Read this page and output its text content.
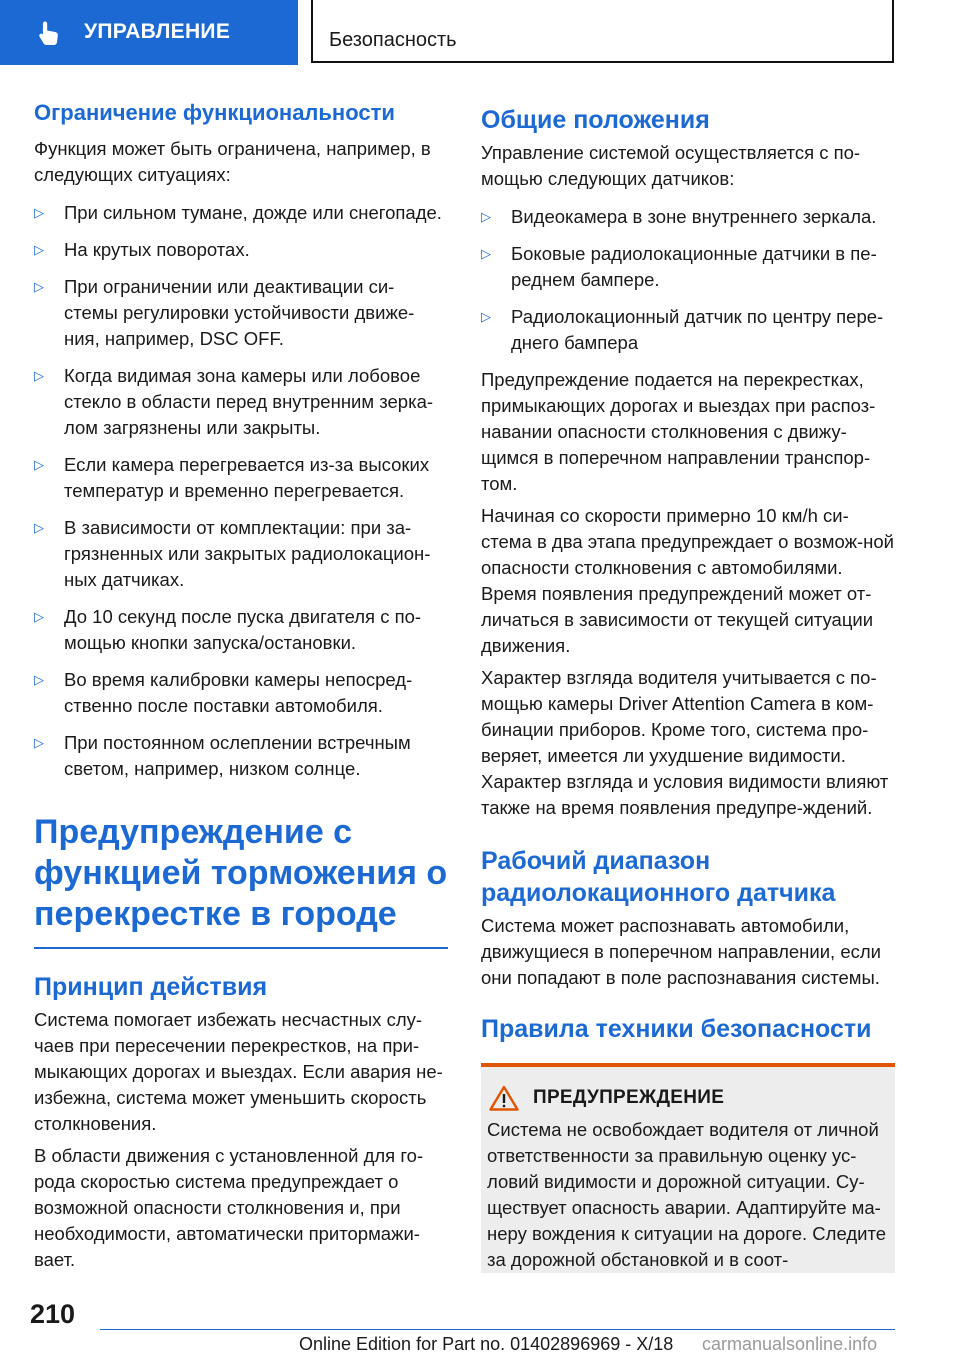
УПРАВЛЕНИЕ	Безопасность
Ограничение функциональности

Функция может быть ограничена, например, в следующих ситуациях:

▷ При сильном тумане, дожде или снегопаде.
▷ На крутых поворотах.
▷ При ограничении или деактивации си-стемы регулировки устойчивости движе-ния, например, DSC OFF.
▷ Когда видимая зона камеры или лобовое стекло в области перед внутренним зерка-лом загрязнены или закрыты.
▷ Если камера перегревается из-за высоких температур и временно перегревается.
▷ В зависимости от комплектации: при за-грязненных или закрытых радиолокацион-ных датчиках.
▷ До 10 секунд после пуска двигателя с по-мощью кнопки запуска/остановки.
▷ Во время калибровки камеры непосред-ственно после поставки автомобиля.
▷ При постоянном ослеплении встречным светом, например, низком солнце.
Предупреждение с функцией торможения о перекрестке в городе
Принцип действия

Система помогает избежать несчастных слу-чаев при пересечении перекрестков, на при-мыкающих дорогах и выездах. Если авария не-избежна, система может уменьшить скорость столкновения.

В области движения с установленной для го-рода скоростью система предупреждает о возможной опасности столкновения и, при необходимости, автоматически притормажи-вает.

Общие положения

Управление системой осуществляется с по-мощью следующих датчиков:

▷ Видеокамера в зоне внутреннего зеркала.
▷ Боковые радиолокационные датчики в пе-реднем бампере.
▷ Радиолокационный датчик по центру пере-днего бампера

Предупреждение подается на перекрестках, примыкающих дорогах и выездах при распоз-навании опасности столкновения с движу-щимся в поперечном направлении транспор-том.

Начиная со скорости примерно 10 км/h си-стема в два этапа предупреждает о возмож-ной опасности столкновения с автомобилями. Время появления предупреждений может от-личаться в зависимости от текущей ситуации движения.

Характер взгляда водителя учитывается с по-мощью камеры Driver Attention Camera в ком-бинации приборов. Кроме того, система про-веряет, имеется ли ухудшение видимости. Характер взгляда и условия видимости влияют также на время появления предупре-ждений.

Рабочий диапазон радиолокационного датчика

Система может распознавать автомобили, движущиеся в поперечном направлении, если они попадают в поле распознавания системы.

Правила техники безопасности
ПРЕДУПРЕЖДЕНИЕ
Система не освобождает водителя от личной ответственности за правильную оценку ус-ловий видимости и дорожной ситуации. Су-ществует опасность аварии. Адаптируйте ма-неру вождения к ситуации на дороге. Следите за дорожной обстановкой и в соот-
210
Online Edition for Part no. 01402896969 - X/18 carmanualsonline.info
